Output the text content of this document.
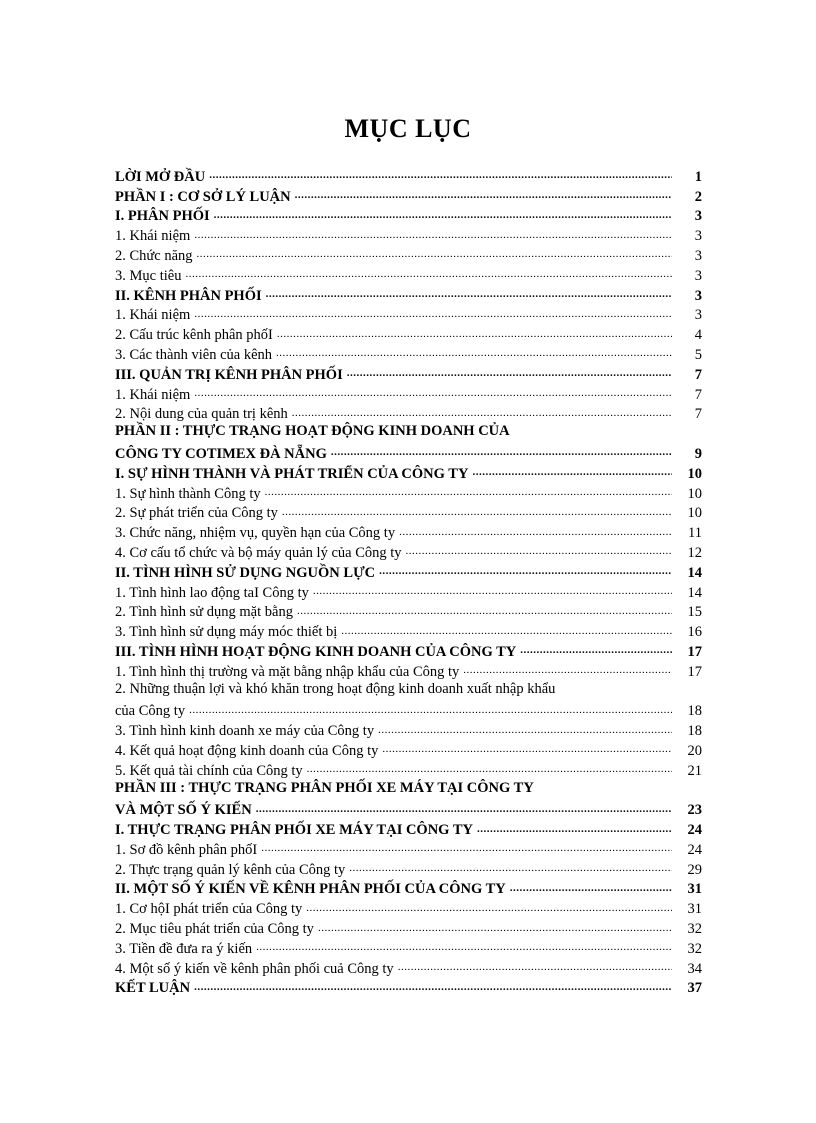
MỤC LỤC
LỜI MỞ ĐẦU .....	1
PHẦN I : CƠ SỞ LÝ LUẬN .....	2
I. PHÂN PHỐI .....	3
1. Khái niệm .....	3
2. Chức năng .....	3
3. Mục tiêu .....	3
II. KÊNH PHÂN PHỐI .....	3
1. Khái niệm .....	3
2. Cấu trúc kênh phân phốI .....	4
3. Các thành viên của kênh .....	5
III. QUẢN TRỊ KÊNH PHÂN PHỐI .....	7
1. Khái niệm .....	7
2. Nội dung của quản trị kênh .....	7
PHẦN II : THỰC TRẠNG HOẠT ĐỘNG KINH DOANH CỦA
CÔNG TY COTIMEX ĐÀ NẴNG .....	9
I. SỰ HÌNH THÀNH VÀ PHÁT TRIỂN CỦA CÔNG TY .....	10
1. Sự hình thành Công ty .....	10
2. Sự phát triển của Công ty .....	10
3. Chức năng, nhiệm vụ, quyền hạn của Công ty .....	11
4. Cơ cấu tổ chức và bộ máy quản lý của Công ty .....	12
II. TÌNH HÌNH SỬ DỤNG NGUỒN LỰC .....	14
1. Tình hình lao động taI Công ty .....	14
2. Tình hình sử dụng mặt bằng .....	15
3. Tình hình sử dụng máy móc thiết bị .....	16
III. TÌNH HÌNH HOẠT ĐỘNG KINH DOANH CỦA CÔNG TY .....	17
1. Tình hình thị trường và mặt bằng nhập khẩu của Công ty .....	17
2. Những thuận lợi và khó khăn trong hoạt động kinh doanh xuất nhập khẩu
của Công ty .....	18
3. Tình hình kinh doanh xe máy của Công ty .....	18
4. Kết quả hoạt động kinh doanh của Công ty .....	20
5. Kết quả tài chính của Công ty .....	21
PHẦN III : THỰC TRẠNG PHÂN PHỐI XE MÁY TẠI CÔNG TY
VÀ MỘT SỐ Ý KIẾN .....	23
I. THỰC TRẠNG PHÂN PHỐI XE MÁY TẠI CÔNG TY .....	24
1. Sơ đồ kênh phân phốI .....	24
2. Thực trạng quản lý kênh của Công ty .....	29
II. MỘT SỐ Ý KIẾN VỀ KÊNH PHÂN PHỐI CỦA CÔNG TY .....	31
1. Cơ hộI phát triển của Công ty .....	31
2. Mục tiêu phát triển của Công ty .....	32
3. Tiền đề đưa ra ý kiến .....	32
4. Một số ý kiến về kênh phân phối cuả Công ty .....	34
KẾT LUẬN .....	37
